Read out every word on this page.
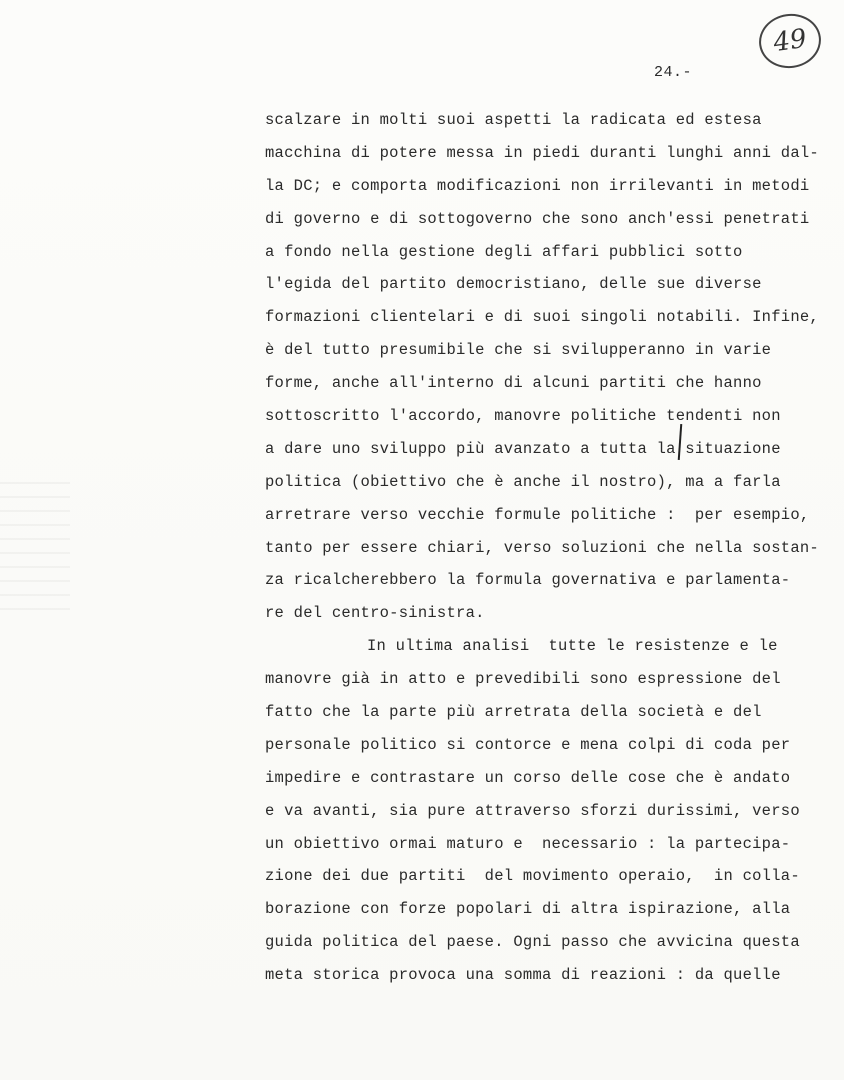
49
24.-
scalzare in molti suoi aspetti la radicata ed estesa
macchina di potere messa in piedi duranti lunghi anni dal-
la DC; e comporta modificazioni non irrilevanti in metodi
di governo e di sottogoverno che sono anch'essi penetrati
a fondo nella gestione degli affari pubblici sotto
l'egida del partito democristiano, delle sue diverse
formazioni clientelari e di suoi singoli notabili. Infine,
è del tutto presumibile che si svilupperanno in varie
forme, anche all'interno di alcuni partiti che hanno
sottoscritto l'accordo, manovre politiche tendenti non
a dare uno sviluppo più avanzato a tutta la situazione
politica (obiettivo che è anche il nostro), ma a farla
arretrare verso vecchie formule politiche :  per esempio,
tanto per essere chiari, verso soluzioni che nella sostan-
za ricalcherebbero la formula governativa e parlamenta-
re del centro-sinistra.
In ultima analisi  tutte le resistenze e le
manovre già in atto e prevedibili sono espressione del
fatto che la parte più arretrata della società e del
personale politico si contorce e mena colpi di coda per
impedire e contrastare un corso delle cose che è andato
e va avanti, sia pure attraverso sforzi durissimi, verso
un obiettivo ormai maturo e  necessario : la partecipa-
zione dei due partiti  del movimento operaio,  in colla-
borazione con forze popolari di altra ispirazione, alla
guida politica del paese. Ogni passo che avvicina questa
meta storica provoca una somma di reazioni : da quelle
